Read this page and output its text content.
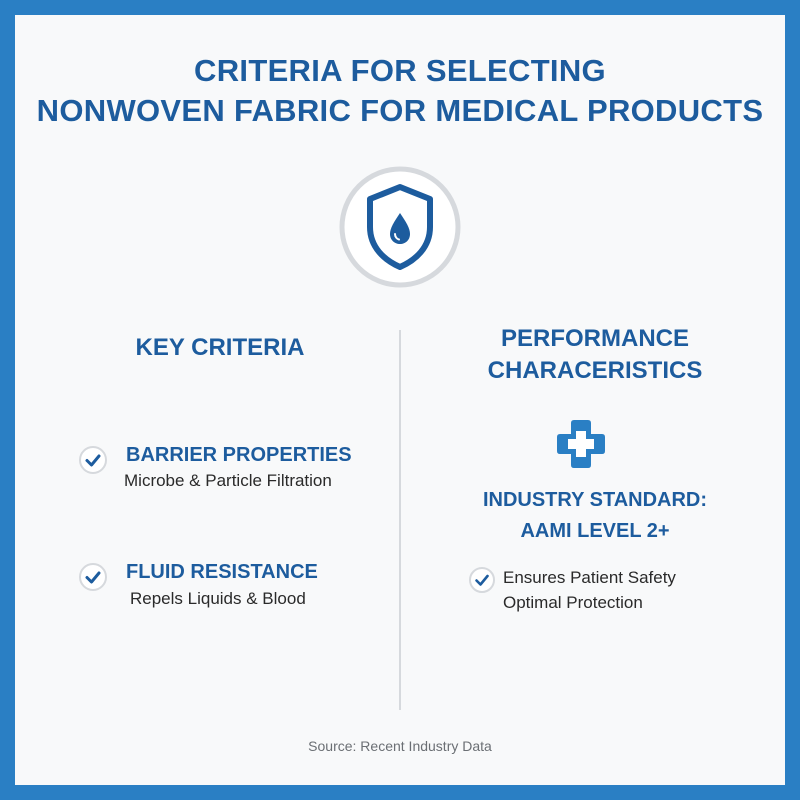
CRITERIA FOR SELECTING
NONWOVEN FABRIC FOR MEDICAL PRODUCTS
KEY CRITERIA
BARRIER PROPERTIES
Microbe & Particle Filtration
FLUID RESISTANCE
Repels Liquids & Blood
PERFORMANCE
CHARACERISTICS
INDUSTRY STANDARD:
AAMI LEVEL 2+
Ensures Patient Safety
Optimal Protection
Source: Recent Industry Data
